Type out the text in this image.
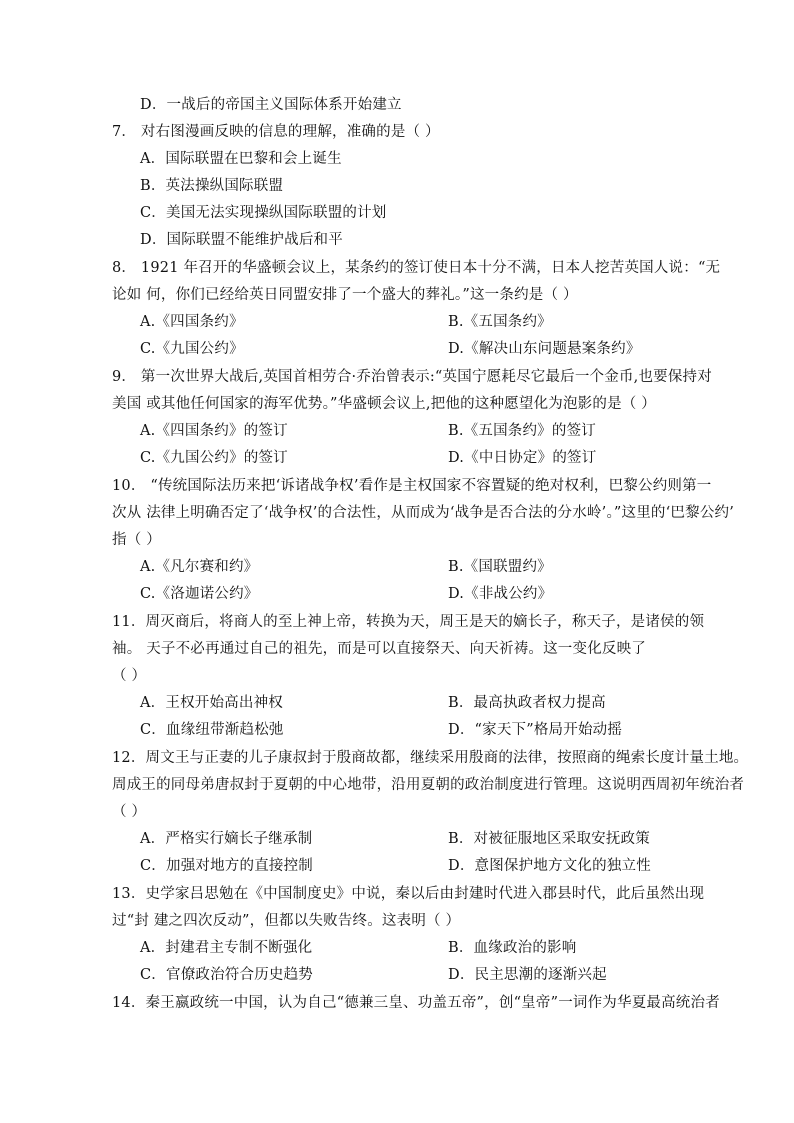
D．一战后的帝国主义国际体系开始建立
7． 对右图漫画反映的信息的理解，准确的是（ ）
A．国际联盟在巴黎和会上诞生
B．英法操纵国际联盟
C．美国无法实现操纵国际联盟的计划
D．国际联盟不能维护战后和平
8． 1921 年召开的华盛顿会议上，某条约的签订使日本十分不满，日本人挖苦英国人说：“无
论如 何，你们已经给英日同盟安排了一个盛大的葬礼。”这一条约是（ ）
A.《四国条约》	B.《五国条约》
C.《九国公约》	D.《解决山东问题悬案条约》
9． 第一次世界大战后,英国首相劳合·乔治曾表示:“英国宁愿耗尽它最后一个金币,也要保持对
美国 或其他任何国家的海军优势。”华盛顿会议上,把他的这种愿望化为泡影的是（ ）
A.《四国条约》的签订	B.《五国条约》的签订
C.《九国公约》的签订	D.《中日协定》的签订
10． “传统国际法历来把‘诉诸战争权’看作是主权国家不容置疑的绝对权利，巴黎公约则第一
次从 法律上明确否定了‘战争权’的合法性，从而成为‘战争是否合法的分水岭’。”这里的‘巴黎公约’
指（ ）
A.《凡尔赛和约》	B.《国联盟约》
C.《洛迦诺公约》	D.《非战公约》
11．周灭商后，将商人的至上神上帝，转换为天，周王是天的嫡长子，称天子，是诸侯的领
袖。 天子不必再通过自己的祖先，而是可以直接祭天、向天祈祷。这一变化反映了
（ ）
A．王权开始高出神权	B．最高执政者权力提高
C．血缘纽带渐趋松弛	D．“家天下”格局开始动摇
12．周文王与正妻的儿子康叔封于殷商故都，继续采用殷商的法律，按照商的绳索长度计量土地。
周成王的同母弟唐叔封于夏朝的中心地带，沿用夏朝的政治制度进行管理。这说明西周初年统治者
（ ）
A．严格实行嫡长子继承制	B．对被征服地区采取安抚政策
C．加强对地方的直接控制	D．意图保护地方文化的独立性
13．史学家吕思勉在《中国制度史》中说，秦以后由封建时代进入郡县时代，此后虽然出现
过“封 建之四次反动”，但都以失败告终。这表明（ ）
A．封建君主专制不断强化	B．血缘政治的影响
C．官僚政治符合历史趋势	D．民主思潮的逐渐兴起
14．秦王嬴政统一中国，认为自己“德兼三皇、功盖五帝”，创“皇帝”一词作为华夏最高统治者
